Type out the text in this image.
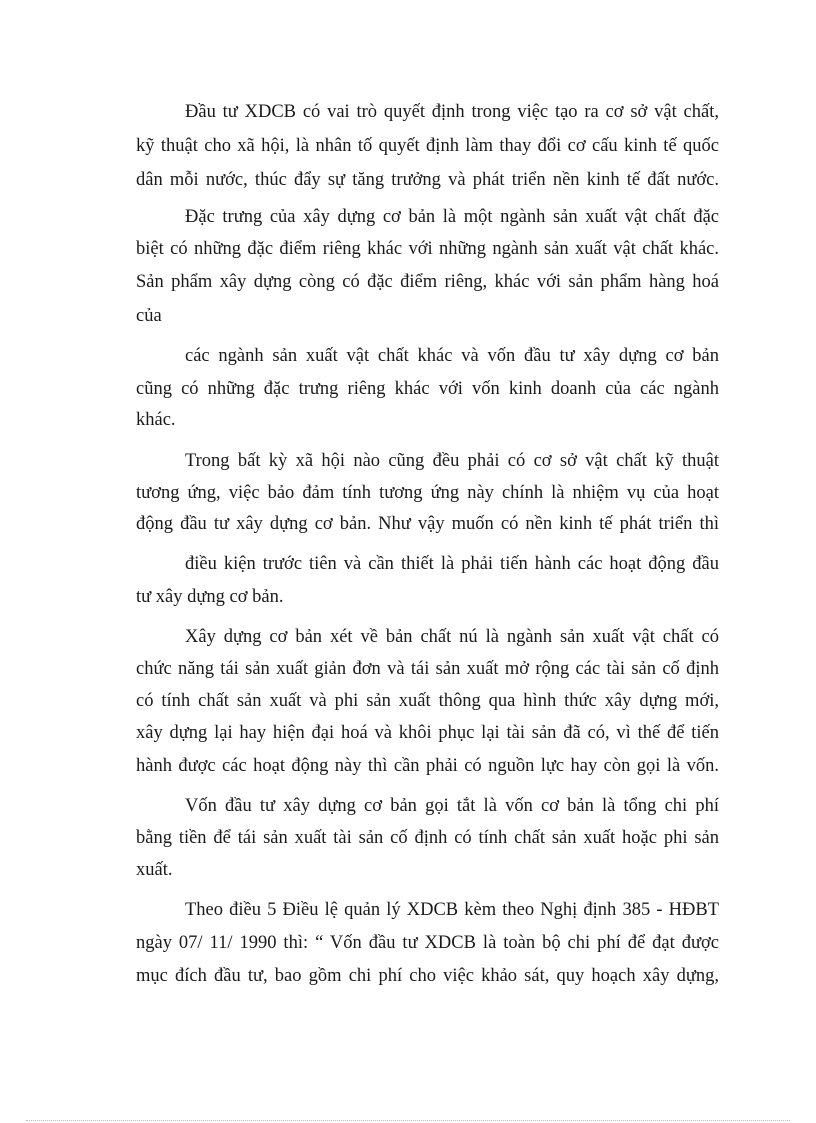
Đầu tư XDCB có vai trò quyết định trong việc tạo ra cơ sở vật chất,
kỹ thuật cho xã hội, là nhân tố quyết định làm thay đổi cơ cấu kinh tế quốc
dân mỗi nước, thúc đẩy sự tăng trưởng và phát triển nền kinh tế đất nước.
Đặc trưng của xây dựng cơ bản là một ngành sản xuất vật chất đặc
biệt có những đặc điểm riêng khác với những ngành sản xuất vật chất khác.
Sản phẩm xây dựng còng có đặc điểm riêng, khác với sản phẩm hàng hoá
của
các ngành sản xuất vật chất khác và vốn đầu tư xây dựng cơ bản
cũng có những đặc trưng riêng khác với vốn kinh doanh của các ngành
khác.
Trong bất kỳ xã hội nào cũng đều phải có cơ sở vật chất kỹ thuật
tương ứng, việc bảo đảm tính tương ứng này chính là nhiệm vụ của hoạt
động đầu tư xây dựng cơ bản. Như vậy muốn có nền kinh tế phát triển thì
điều kiện trước tiên và cần thiết là phải tiến hành các hoạt động đầu
tư xây dựng cơ bản.
Xây dựng cơ bản xét về bản chất nú là ngành sản xuất vật chất có
chức năng tái sản xuất giản đơn và tái sản xuất mở rộng các tài sản cố định
có tính chất sản xuất và phi sản xuất thông qua hình thức xây dựng mới,
xây dựng lại hay hiện đại hoá và khôi phục lại tài sản đã có, vì thế để tiến
hành được các hoạt động này thì cần phải có nguồn lực hay còn gọi là vốn.
Vốn đầu tư xây dựng cơ bản gọi tắt là vốn cơ bản là tổng chi phí
bằng tiền để tái sản xuất tài sản cố định có tính chất sản xuất hoặc phi sản
xuất.
Theo điều 5 Điều lệ quản lý XDCB kèm theo Nghị định 385 - HĐBT
ngày 07/ 11/ 1990 thì: “ Vốn đầu tư XDCB là toàn bộ chi phí để đạt được
mục đích đầu tư, bao gồm chi phí cho việc khảo sát, quy hoạch xây dựng,
